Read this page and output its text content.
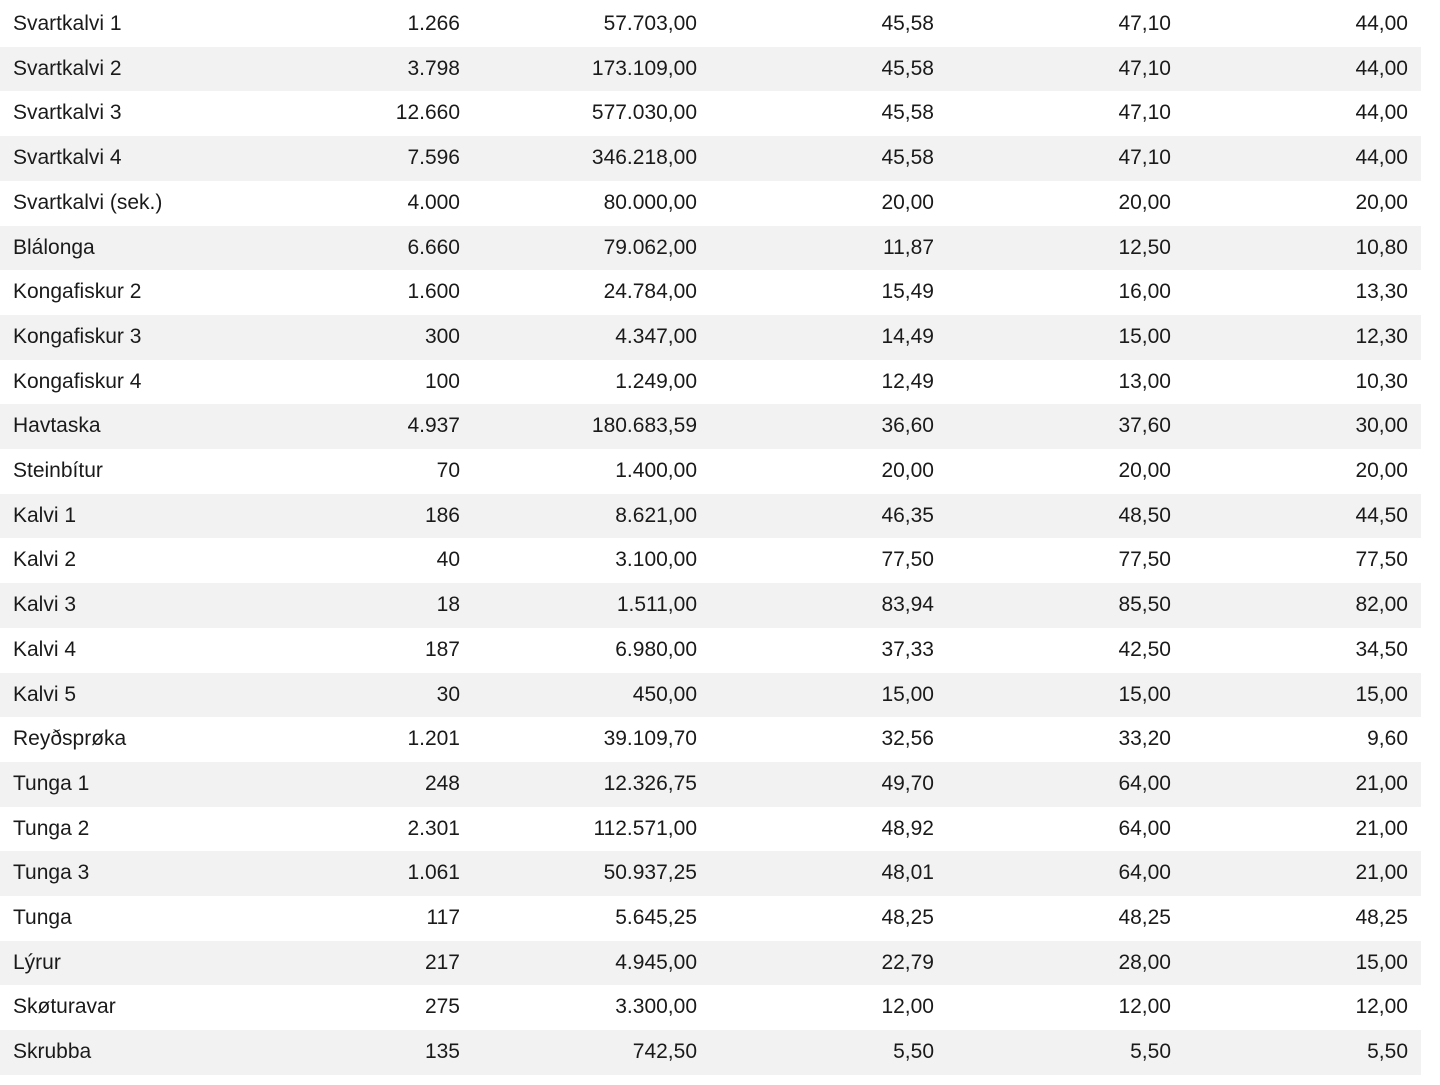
Svartkalvi 1	1.266	57.703,00	45,58	47,10	44,00
Svartkalvi 2	3.798	173.109,00	45,58	47,10	44,00
Svartkalvi 3	12.660	577.030,00	45,58	47,10	44,00
Svartkalvi 4	7.596	346.218,00	45,58	47,10	44,00
Svartkalvi (sek.)	4.000	80.000,00	20,00	20,00	20,00
Blálonga	6.660	79.062,00	11,87	12,50	10,80
Kongafiskur 2	1.600	24.784,00	15,49	16,00	13,30
Kongafiskur 3	300	4.347,00	14,49	15,00	12,30
Kongafiskur 4	100	1.249,00	12,49	13,00	10,30
Havtaska	4.937	180.683,59	36,60	37,60	30,00
Steinbítur	70	1.400,00	20,00	20,00	20,00
Kalvi 1	186	8.621,00	46,35	48,50	44,50
Kalvi 2	40	3.100,00	77,50	77,50	77,50
Kalvi 3	18	1.511,00	83,94	85,50	82,00
Kalvi 4	187	6.980,00	37,33	42,50	34,50
Kalvi 5	30	450,00	15,00	15,00	15,00
Reyðsprøka	1.201	39.109,70	32,56	33,20	9,60
Tunga 1	248	12.326,75	49,70	64,00	21,00
Tunga 2	2.301	112.571,00	48,92	64,00	21,00
Tunga 3	1.061	50.937,25	48,01	64,00	21,00
Tunga	117	5.645,25	48,25	48,25	48,25
Lýrur	217	4.945,00	22,79	28,00	15,00
Skøturavar	275	3.300,00	12,00	12,00	12,00
Skrubba	135	742,50	5,50	5,50	5,50
